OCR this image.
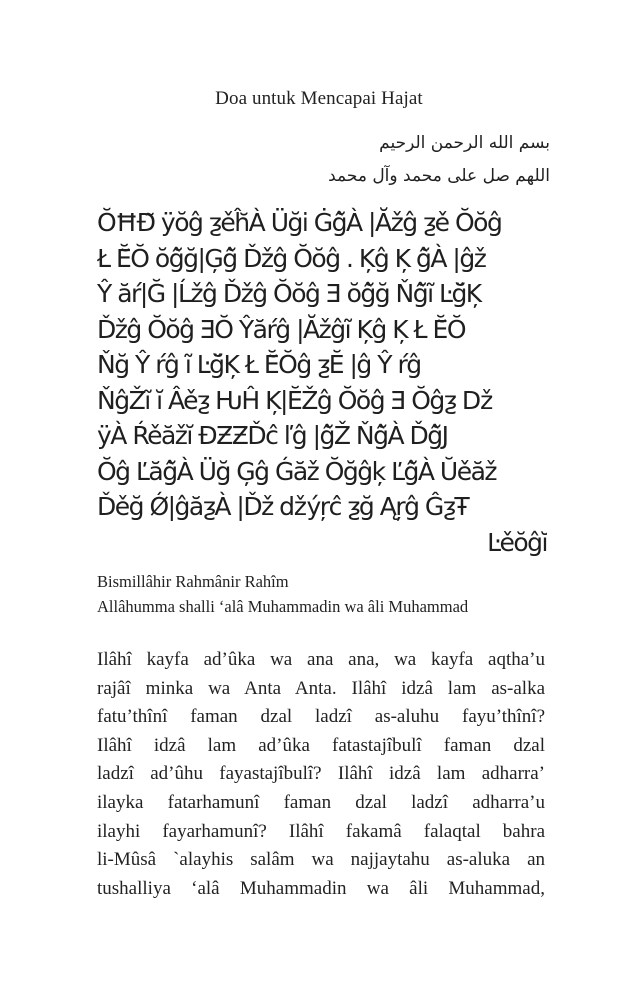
Doa untuk Mencapai Hajat
بسم الله الرحمن الرحيم
اللهم صل على محمد وآل محمد
ŎĦĐ̃ ÿŏĝ ƺěĥ̆À Üği Ġĝ̆À |Ăžĝ ƺě Ŏŏĝ
Ł Ĕ̆Ŏ ŏĝ̆ğ|Ģĝ̆ Ďžĝ Ŏŏĝ . Ķĝ Ķ ĝ̆À |ĝž
Ŷ ăŕ|Ğ |Ĺžĝ Ďžĝ Ŏŏĝ Ǝ ŏĝ̆ğ Ňĝ̆ĩ Ŀğ̆Ķ
Ďžĝ Ŏŏĝ ƎŎ Ŷăŕĝ |Ăžĝĩ Ķĝ Ķ Ł Ĕ̆Ŏ
Ňğ Ŷ ŕĝ ĩ Ŀğ̆Ķ Ł Ĕ̆Ŏĝ ƺĔ |ĝ Ŷ ŕĝ
ŇĝŽĩ ĭ Âěƺ ǶĤ Ķ|ĔŽĝ Ŏŏĝ Ǝ Ŏĝƺ ǅ
ÿÀ Ŕěăžĭ ĐƵƵĎĉ ľĝ |ĝ̆Ž Ňĝ̆À Ďĝ̆J
Ŏĝ Ľăĝ̆À Üğ Ģĝ Ǵăž Ŏğĝķ Ľĝ̆À Ŭěăž
Ďěğ Ǿ|ĝăƺÀ |Ďž ǆýŗĉ ƺğ Ąŗĝ ĜƺŦ
Ŀěŏĝĭ
Bismillâhir Rahmânir Rahîm
Allâhumma shalli ‘alâ Muhammadin wa âli Muhammad
Ilâhî kayfa ad’ûka wa ana ana, wa kayfa aqtha’u
rajâî minka wa Anta Anta. Ilâhî idzâ lam as-alka
fatu’thînî faman dzal ladzî as-aluhu fayu’thînî?
Ilâhî idzâ lam ad’ûka fatastajîbulî faman dzal
ladzî ad’ûhu fayastajîbulî? Ilâhî idzâ lam adharra’
ilayka fatarhamunî faman dzal ladzî adharra’u
ilayhi fayarhamunî? Ilâhî fakamâ falaqtal bahra
li-Mûsâ `alayhis salâm wa najjaytahu as-aluka an
tushalliya ‘alâ Muhammadin wa âli Muhammad,
